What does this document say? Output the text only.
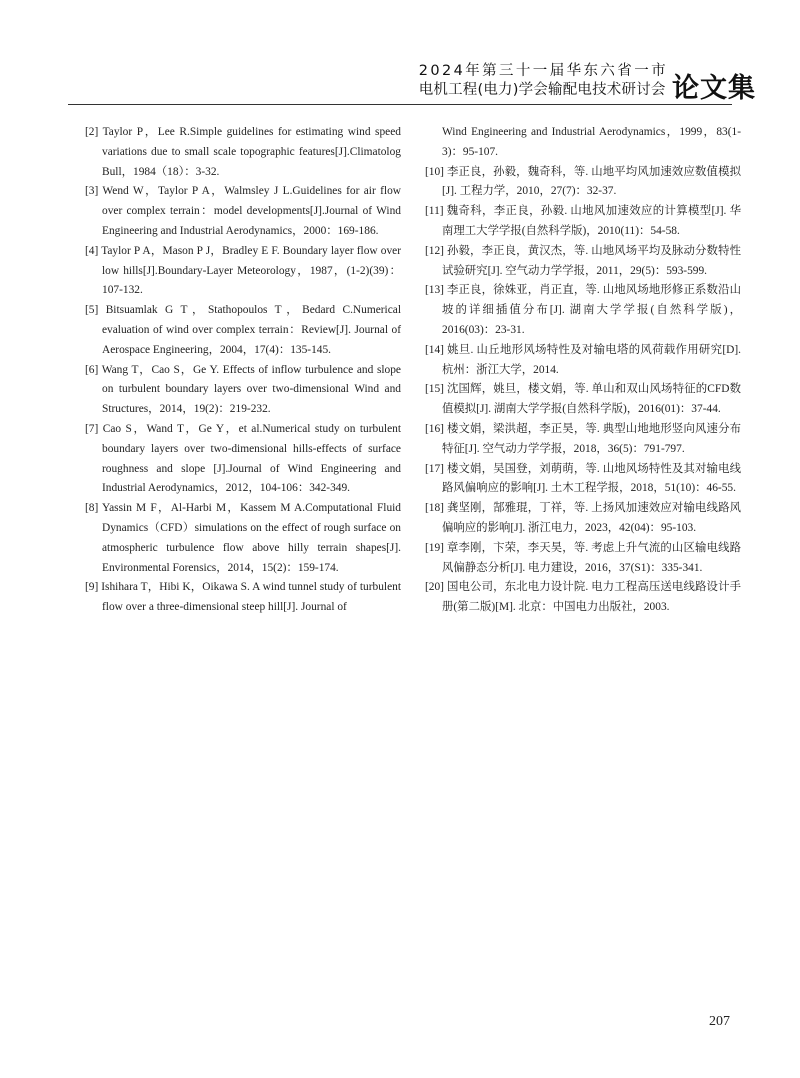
2024年第三十一届华东六省一市
电机工程(电力)学会输配电技术研讨会 论文集

[2] Taylor P，Lee R.Simple guidelines for estimating wind speed variations due to small scale topographic features[J].Climatolog Bull，1984（18）：3-32.

[3] Wend W，Taylor P A，Walmsley J L.Guidelines for air flow over complex terrain：model developments[J].Journal of Wind Engineering and Industrial Aerodynamics，2000：169-186.

[4] Taylor P A，Mason P J，Bradley E F. Boundary layer flow over low hills[J].Boundary-Layer Meteorology，1987，(1-2)(39)：107-132.

[5] Bitsuamlak G T，Stathopoulos T，Bedard C.Numerical evaluation of wind over complex terrain：Review[J]. Journal of Aerospace Engineering，2004，17(4)：135-145.

[6] Wang T，Cao S，Ge Y. Effects of inflow turbulence and slope on turbulent boundary layers over two-dimensional Wind and Structures，2014，19(2)：219-232.

[7] Cao S，Wand T，Ge Y，et al.Numerical study on turbulent boundary layers over two-dimensional hills-effects of surface roughness and slope [J].Journal of Wind Engineering and Industrial Aerodynamics，2012，104-106：342-349.

[8] Yassin M F，Al-Harbi M，Kassem M A.Computational Fluid Dynamics（CFD）simulations on the effect of rough surface on atmospheric turbulence flow above hilly terrain shapes[J]. Environmental Forensics，2014，15(2)：159-174.

[9] Ishihara T，Hibi K，Oikawa S. A wind tunnel study of turbulent flow over a three-dimensional steep hill[J]. Journal of

Wind Engineering and Industrial Aerodynamics，1999，83(1-3)：95-107.

[10] 李正良，孙毅，魏奇科，等. 山地平均风加速效应数值模拟[J]. 工程力学，2010，27(7)：32-37.

[11] 魏奇科，李正良，孙毅. 山地风加速效应的计算模型[J]. 华南理工大学学报(自然科学版)，2010(11)：54-58.

[12] 孙毅，李正良，黄汉杰，等. 山地风场平均及脉动分数特性试验研究[J]. 空气动力学学报，2011，29(5)：593-599.

[13] 李正良，徐姝亚，肖正直，等. 山地风场地形修正系数沿山坡的详细插值分布[J]. 湖南大学学报(自然科学版)，2016(03)：23-31.

[14] 姚旦. 山丘地形风场特性及对输电塔的风荷载作用研究[D]. 杭州：浙江大学，2014.

[15] 沈国辉，姚旦，楼文娟，等. 单山和双山风场特征的CFD数值模拟[J]. 湖南大学学报(自然科学版)，2016(01)：37-44.

[16] 楼文娟，梁洪超，李正昊，等. 典型山地地形竖向风速分布特征[J]. 空气动力学学报，2018，36(5)：791-797.

[17] 楼文娟，吴国登，刘萌萌，等. 山地风场特性及其对输电线路风偏响应的影响[J]. 土木工程学报，2018，51(10)：46-55.

[18] 龚坚刚，郜雅琨，丁祥，等. 上扬风加速效应对输电线路风偏响应的影响[J]. 浙江电力，2023，42(04)：95-103.

[19] 章李刚，卞荣，李天昊，等. 考虑上升气流的山区输电线路风偏静态分析[J]. 电力建设，2016，37(S1)：335-341.

[20] 国电公司，东北电力设计院. 电力工程高压送电线路设计手册(第二版)[M]. 北京：中国电力出版社，2003.

207
